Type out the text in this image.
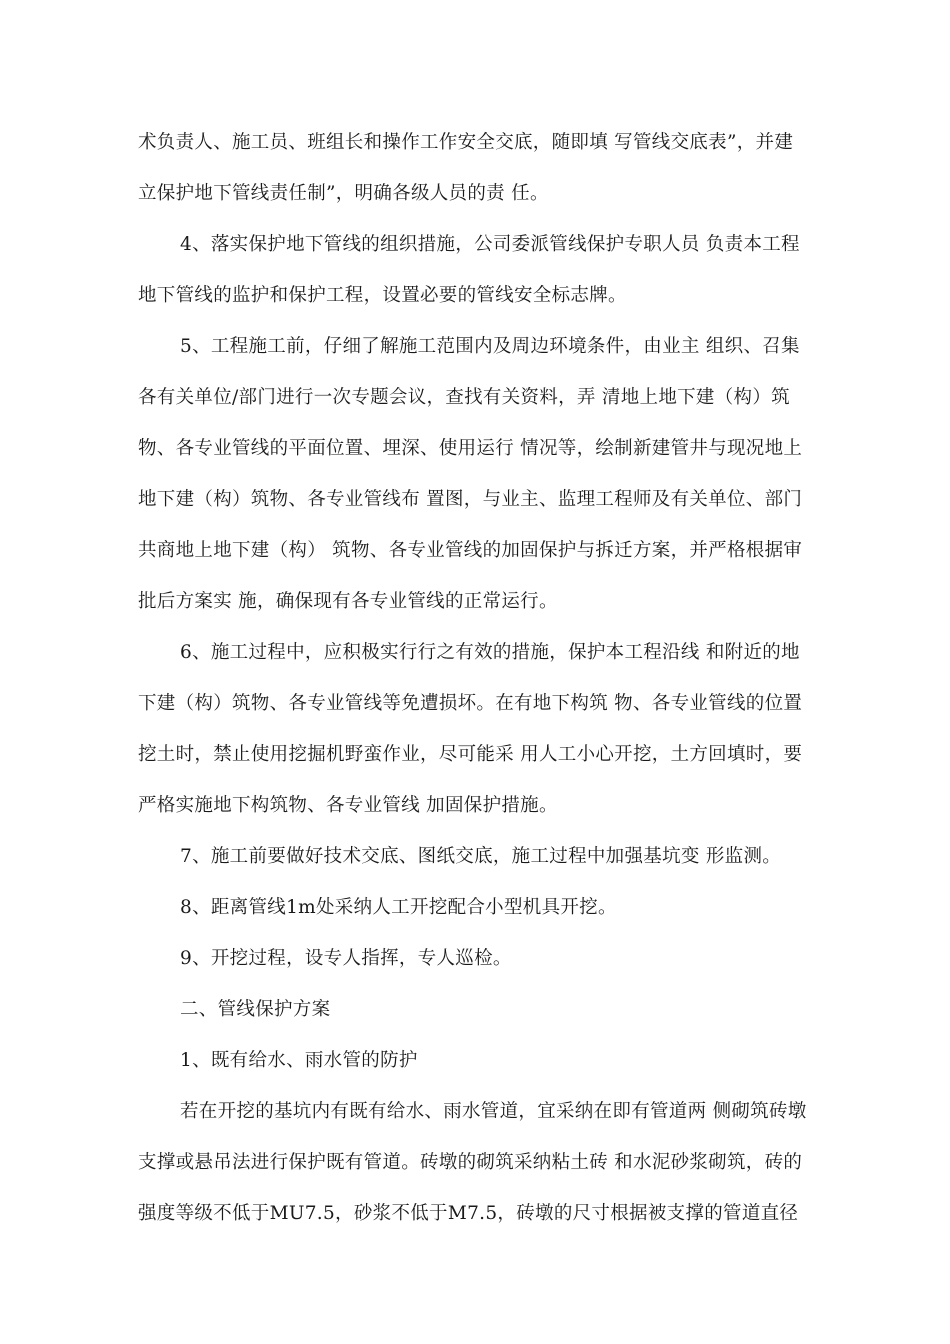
术负责人、施工员、班组长和操作工作安全交底，随即填 写管线交底表”，并建
立保护地下管线责任制”，明确各级人员的责 任。
4、落实保护地下管线的组织措施，公司委派管线保护专职人员 负责本工程
地下管线的监护和保护工程，设置必要的管线安全标志牌。
5、工程施工前，仔细了解施工范围内及周边环境条件，由业主 组织、召集
各有关单位/部门进行一次专题会议，查找有关资料，弄 清地上地下建（构）筑
物、各专业管线的平面位置、埋深、使用运行 情况等，绘制新建管井与现况地上
地下建（构）筑物、各专业管线布 置图，与业主、监理工程师及有关单位、部门
共商地上地下建（构） 筑物、各专业管线的加固保护与拆迁方案，并严格根据审
批后方案实 施，确保现有各专业管线的正常运行。
6、施工过程中，应积极实行行之有效的措施，保护本工程沿线 和附近的地
下建（构）筑物、各专业管线等免遭损坏。在有地下构筑 物、各专业管线的位置
挖土时，禁止使用挖掘机野蛮作业，尽可能采 用人工小心开挖，土方回填时，要
严格实施地下构筑物、各专业管线 加固保护措施。
7、施工前要做好技术交底、图纸交底，施工过程中加强基坑变 形监测。
8、距离管线1m处采纳人工开挖配合小型机具开挖。
9、开挖过程，设专人指挥，专人巡检。
二、管线保护方案
1、既有给水、雨水管的防护
若在开挖的基坑内有既有给水、雨水管道，宜采纳在即有管道两 侧砌筑砖墩
支撑或悬吊法进行保护既有管道。砖墩的砌筑采纳粘土砖 和水泥砂浆砌筑，砖的
强度等级不低于MU7.5，砂浆不低于M7.5，砖墩的尺寸根据被支撑的管道直径
